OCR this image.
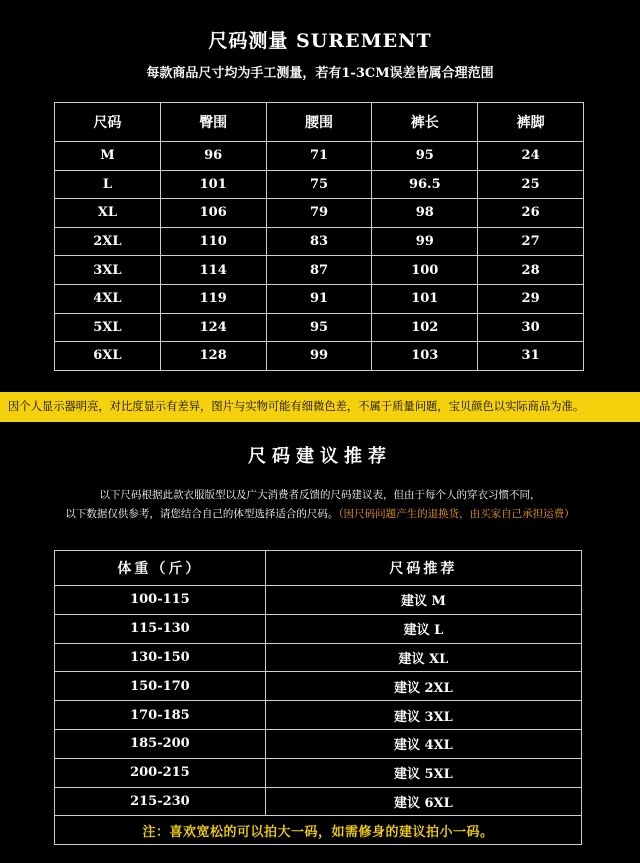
尺码测量 SUREMENT
每款商品尺寸均为手工测量，若有1-3CM误差皆属合理范围
尺码	臀围	腰围	裤长	裤脚
M	96	71	95	24
L	101	75	96.5	25
XL	106	79	98	26
2XL	110	83	99	27
3XL	114	87	100	28
4XL	119	91	101	29
5XL	124	95	102	30
6XL	128	99	103	31
因个人显示器明亮，对比度显示有差异，图片与实物可能有细微色差，不属于质量问题，宝贝颜色以实际商品为准。
尺码建议推荐
以下尺码根据此款衣服版型以及广大消费者反馈的尺码建议表，但由于每个人的穿衣习惯不同，
以下数据仅供参考，请您结合自己的体型选择适合的尺码。（因尺码问题产生的退换货，由买家自己承担运费）
体重（斤）	尺码推荐
100-115	建议 M
115-130	建议 L
130-150	建议 XL
150-170	建议 2XL
170-185	建议 3XL
185-200	建议 4XL
200-215	建议 5XL
215-230	建议 6XL
注：喜欢宽松的可以拍大一码，如需修身的建议拍小一码。	
